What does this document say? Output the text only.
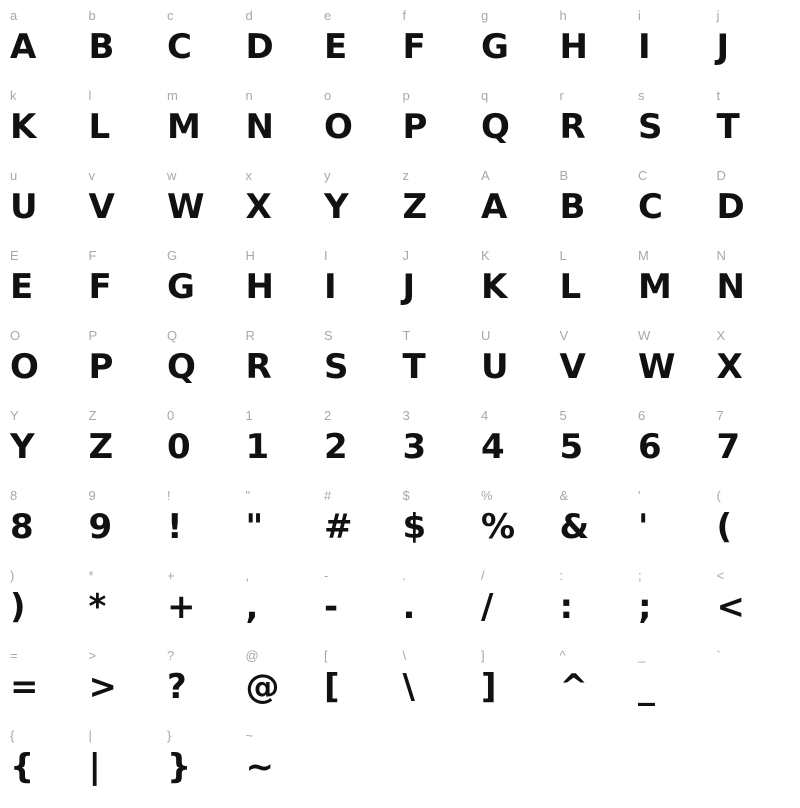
a
A
b
B
c
C
d
D
e
E
f
F
g
G
h
H
i
I
j
J
k
K
l
L
m
M
n
N
o
O
p
P
q
Q
r
R
s
S
t
T
u
U
v
V
w
W
x
X
y
Y
z
Z
A
A
B
B
C
C
D
D
E
E
F
F
G
G
H
H
I
I
J
J
K
K
L
L
M
M
N
N
O
O
P
P
Q
Q
R
R
S
S
T
T
U
U
V
V
W
W
X
X
Y
Y
Z
Z
0
0
1
1
2
2
3
3
4
4
5
5
6
6
7
7
8
8
9
9
!
!
"
"
#
#
$
$
%
%
&
&
'
'
(
(
)
)
*
*
+
+
,
,
-
-
.
.
/
/
:
:
;
;
<
<
=
=
>
>
?
?
@
@
[
[
\
\
]
]
^
^
_
_
`
{
{
|
|
}
}
~
~
